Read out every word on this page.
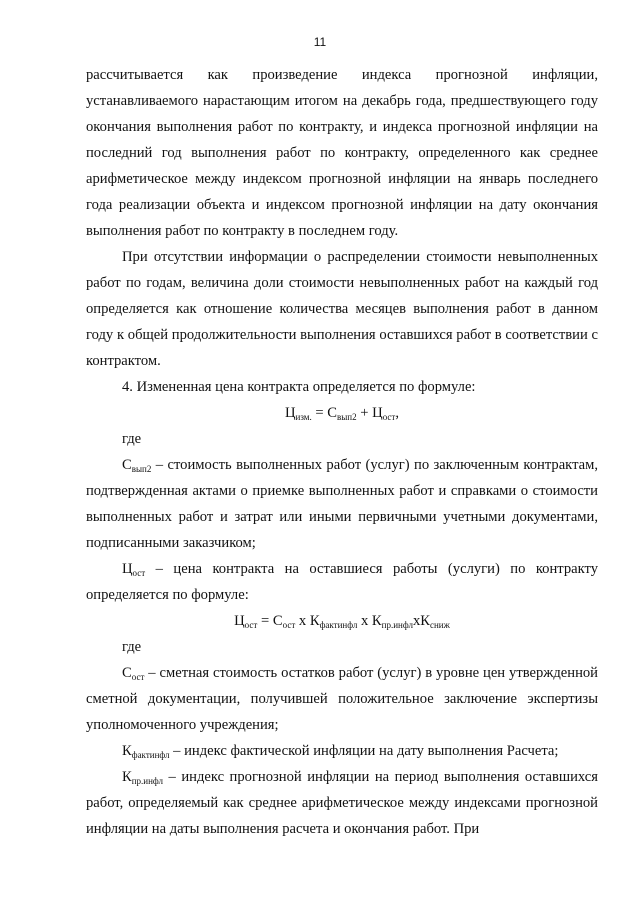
11

рассчитывается как произведение индекса прогнозной инфляции, устанавливаемого нарастающим итогом на декабрь года, предшествующего году окончания выполнения работ по контракту, и индекса прогнозной инфляции на последний год выполнения работ по контракту, определенного как среднее арифметическое между индексом прогнозной инфляции на январь последнего года реализации объекта и индексом прогнозной инфляции на дату окончания выполнения работ по контракту в последнем году.

При отсутствии информации о распределении стоимости невыполненных работ по годам, величина доли стоимости невыполненных работ на каждый год определяется как отношение количества месяцев выполнения работ в данном году к общей продолжительности выполнения оставшихся работ в соответствии с контрактом.

4. Измененная цена контракта определяется по формуле:

$Ц_{изм.} = С_{вып2} + Ц_{ост}$,

где

$С_{вып2}$ – стоимость выполненных работ (услуг) по заключенным контрактам, подтвержденная актами о приемке выполненных работ и справками о стоимости выполненных работ и затрат или иными первичными учетными документами, подписанными заказчиком;

$Ц_{ост}$ – цена контракта на оставшиеся работы (услуги) по контракту определяется по формуле:

$Ц_{ост} = С_{ост}$ х $К_{фактинфл}$ х $К_{пр.инфл}хК_{сниж}$

где

$С_{ост}$ – сметная стоимость остатков работ (услуг) в уровне цен утвержденной сметной документации, получившей положительное заключение экспертизы уполномоченного учреждения;

$К_{фактинфл}$ – индекс фактической инфляции на дату выполнения Расчета;

$К_{пр.инфл}$ – индекс прогнозной инфляции на период выполнения оставшихся работ, определяемый как среднее арифметическое между индексами прогнозной инфляции на даты выполнения расчета и окончания работ. При
